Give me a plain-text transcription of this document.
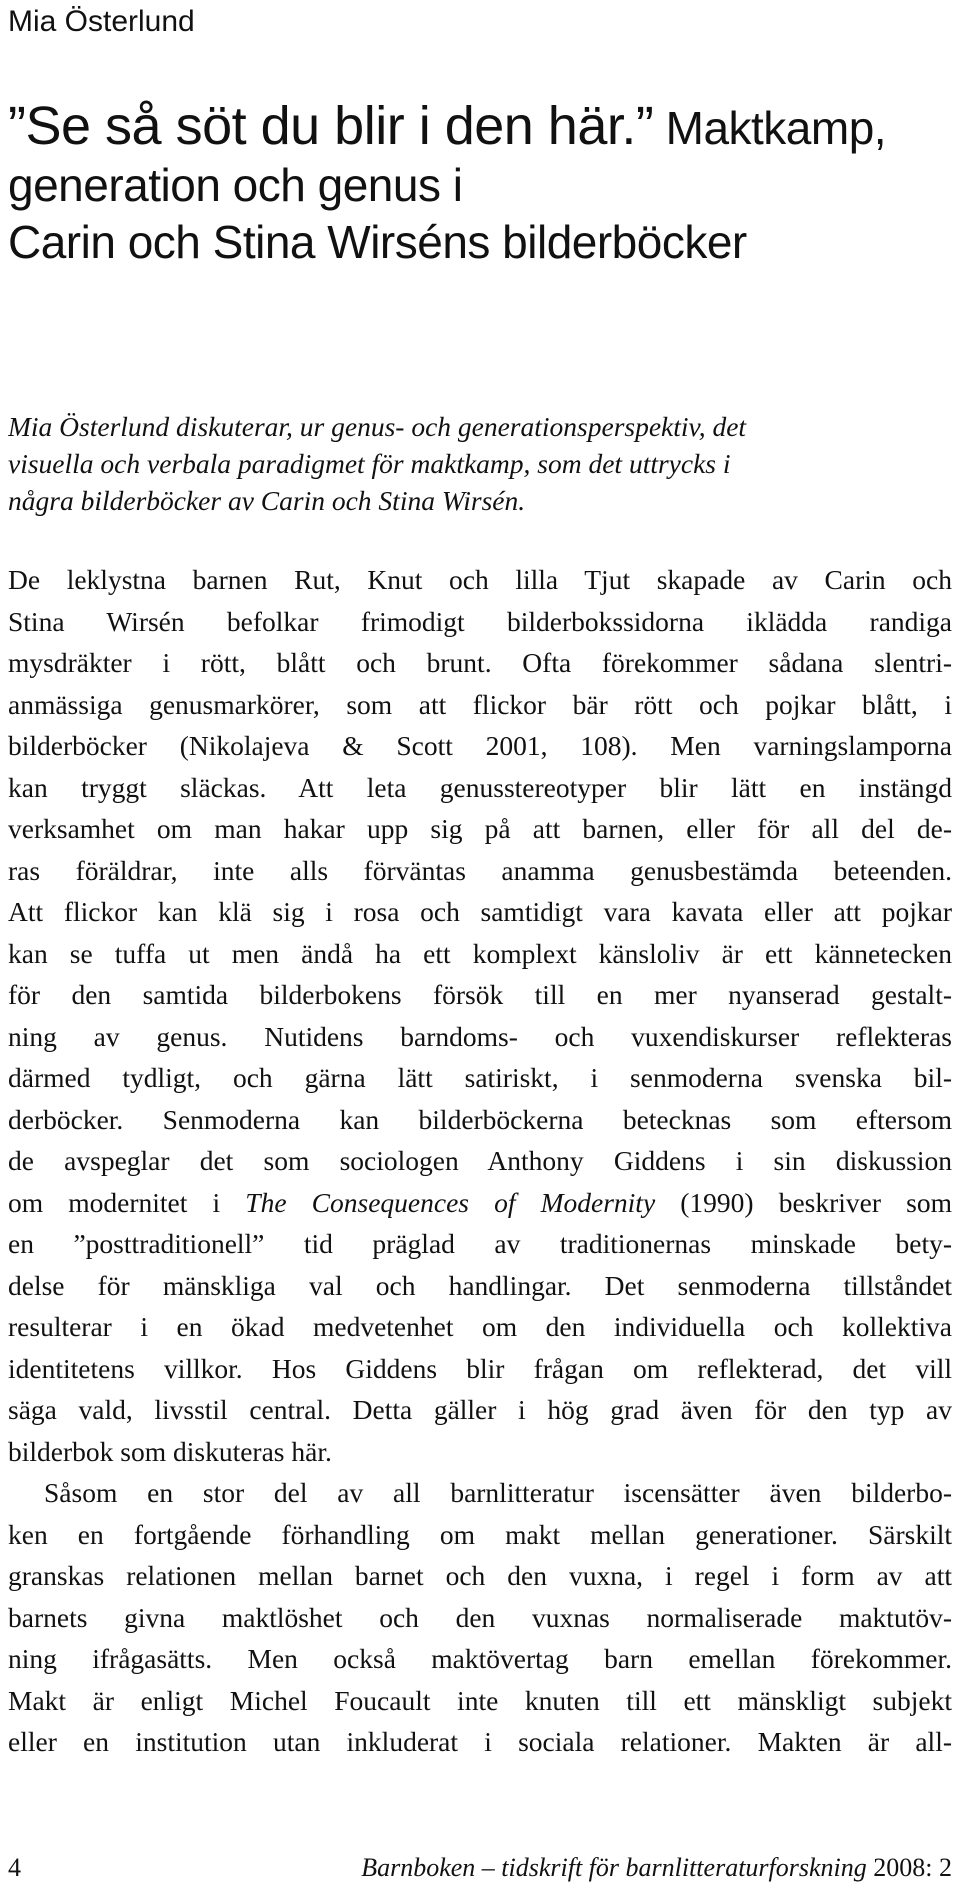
Mia Österlund
”Se så söt du blir i den här.” Maktkamp,
generation och genus i
Carin och Stina Wirséns bilderböcker
Mia Österlund diskuterar, ur genus- och generationsperspektiv, det
visuella och verbala paradigmet för maktkamp, som det uttrycks i
några bilderböcker av Carin och Stina Wirsén.
De leklystna barnen Rut, Knut och lilla Tjut skapade av Carin och
Stina Wirsén befolkar frimodigt bilderbokssidorna iklädda randiga
mysdräkter i rött, blått och brunt. Ofta förekommer sådana slentri-
anmässiga genusmarkörer, som att flickor bär rött och pojkar blått, i
bilderböcker (Nikolajeva & Scott 2001, 108). Men varningslamporna
kan tryggt släckas. Att leta genusstereotyper blir lätt en instängd
verksamhet om man hakar upp sig på att barnen, eller för all del de-
ras föräldrar, inte alls förväntas anamma genusbestämda beteenden.
Att flickor kan klä sig i rosa och samtidigt vara kavata eller att pojkar
kan se tuffa ut men ändå ha ett komplext känsloliv är ett kännetecken
för den samtida bilderbokens försök till en mer nyanserad gestalt-
ning av genus. Nutidens barndoms- och vuxendiskurser reflekteras
därmed tydligt, och gärna lätt satiriskt, i senmoderna svenska bil-
derböcker. Senmoderna kan bilderböckerna betecknas som eftersom
de avspeglar det som sociologen Anthony Giddens i sin diskussion
om modernitet i The Consequences of Modernity (1990) beskriver som
en ”posttraditionell” tid präglad av traditionernas minskade bety-
delse för mänskliga val och handlingar. Det senmoderna tillståndet
resulterar i en ökad medvetenhet om den individuella och kollektiva
identitetens villkor. Hos Giddens blir frågan om reflekterad, det vill
säga vald, livsstil central. Detta gäller i hög grad även för den typ av
bilderbok som diskuteras här.
Såsom en stor del av all barnlitteratur iscensätter även bilderbo-
ken en fortgående förhandling om makt mellan generationer. Särskilt
granskas relationen mellan barnet och den vuxna, i regel i form av att
barnets givna maktlöshet och den vuxnas normaliserade maktutöv-
ning ifrågasätts. Men också maktövertag barn emellan förekommer.
Makt är enligt Michel Foucault inte knuten till ett mänskligt subjekt
eller en institution utan inkluderat i sociala relationer. Makten är all-
4	Barnboken – tidskrift för barnlitteraturforskning 2008: 2
